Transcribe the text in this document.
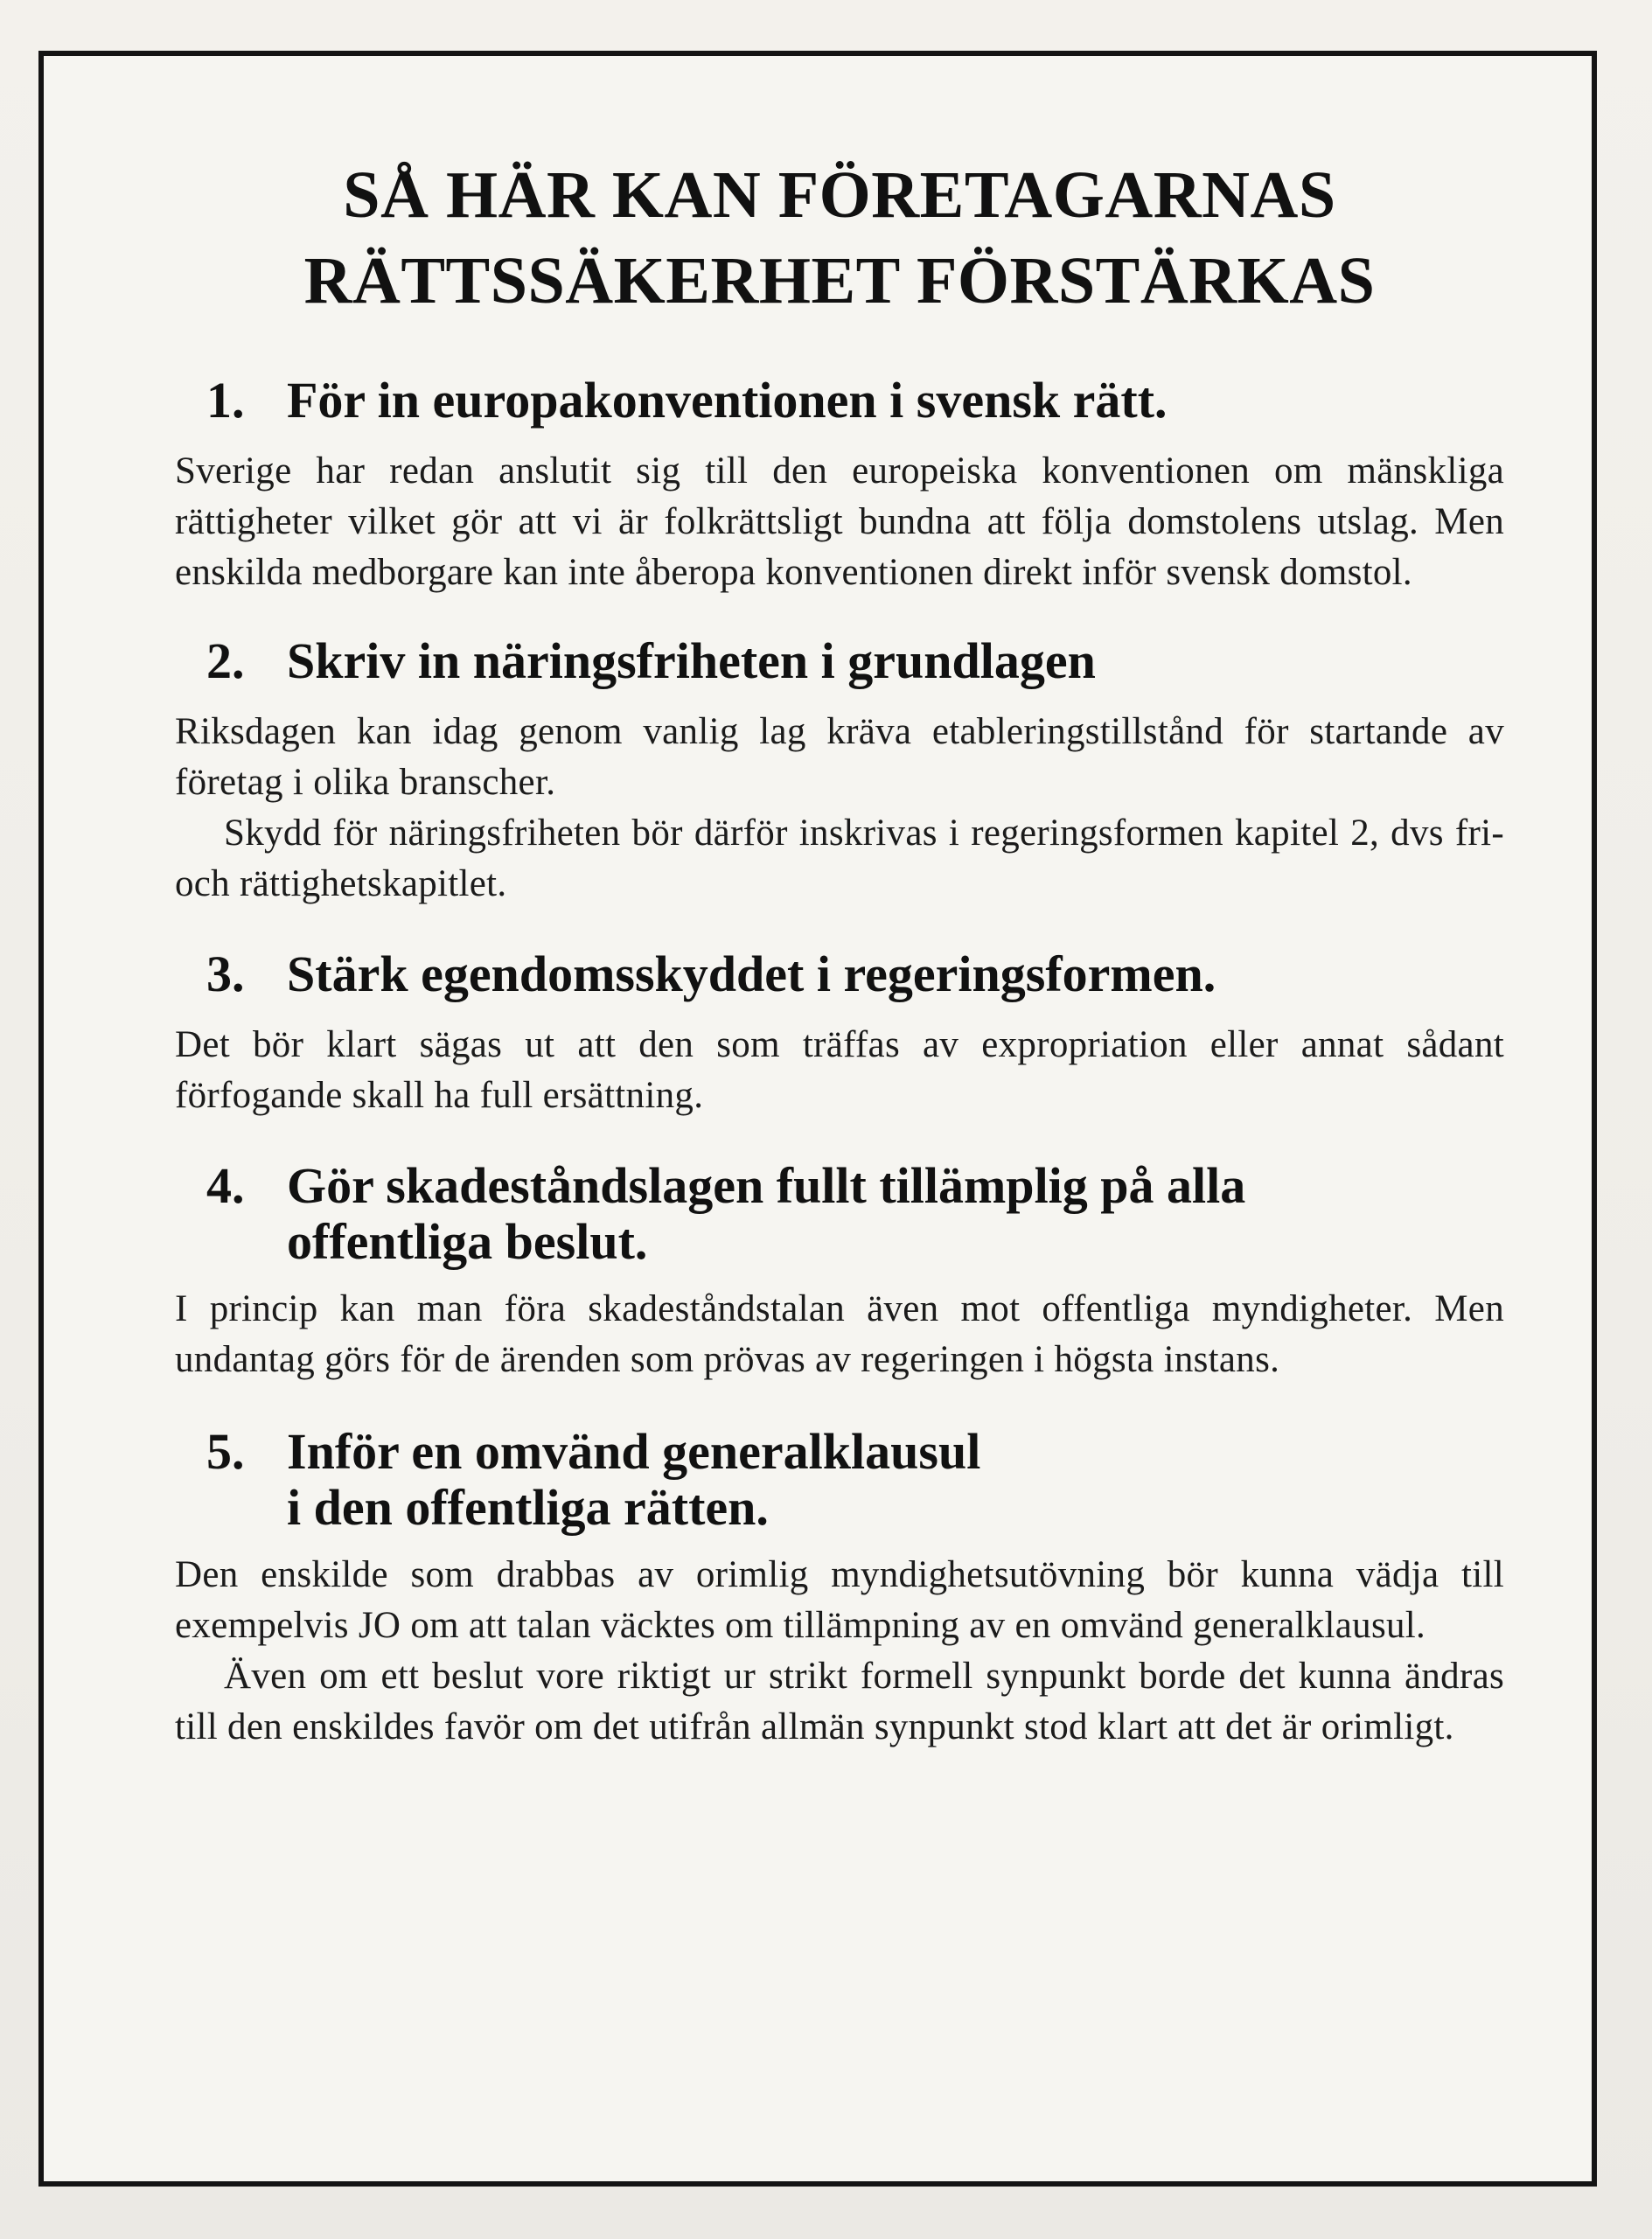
SÅ HÄR KAN FÖRETAGARNAS
RÄTTSSÄKERHET FÖRSTÄRKAS
1. För in europakonventionen i svensk rätt.

Sverige har redan anslutit sig till den europeiska konventionen om mänskliga rättigheter vilket gör att vi är folkrättsligt bundna att följa domstolens utslag. Men enskilda medborgare kan inte åberopa konventionen direkt inför svensk domstol.

2. Skriv in näringsfriheten i grundlagen

Riksdagen kan idag genom vanlig lag kräva etableringstillstånd för startande av företag i olika branscher.

Skydd för näringsfriheten bör därför inskrivas i regeringsformen kapitel 2, dvs fri- och rättighetskapitlet.

3. Stärk egendomsskyddet i regeringsformen.

Det bör klart sägas ut att den som träffas av expropriation eller annat sådant förfogande skall ha full ersättning.

4. Gör skadeståndslagen fullt tillämplig på alla
offentliga beslut.

I princip kan man föra skadeståndstalan även mot offentliga myndigheter. Men undantag görs för de ärenden som prövas av regeringen i högsta instans.

5. Inför en omvänd generalklausul
i den offentliga rätten.

Den enskilde som drabbas av orimlig myndighetsutövning bör kunna vädja till exempelvis JO om att talan väcktes om tillämpning av en omvänd generalklausul.

Även om ett beslut vore riktigt ur strikt formell synpunkt borde det kunna ändras till den enskildes favör om det utifrån allmän synpunkt stod klart att det är orimligt.
